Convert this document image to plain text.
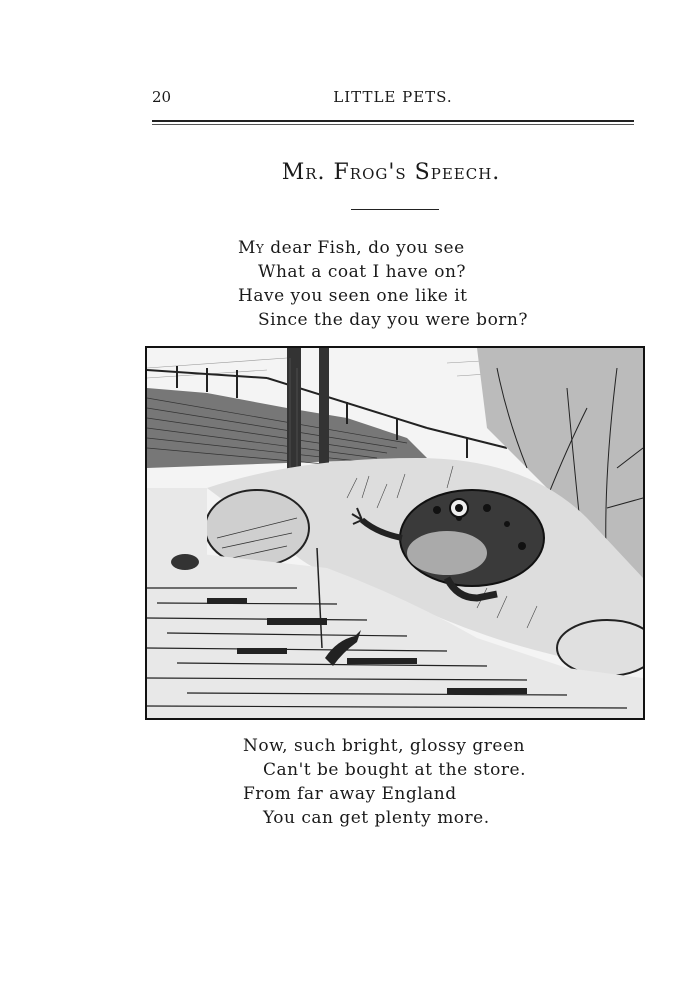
20	LITTLE PETS.
Mr. Frog's Speech.
My dear Fish, do you see
What a coat I have on?
Have you seen one like it
Since the day you were born?
Now, such bright, glossy green
Can't be bought at the store.
From far away England
You can get plenty more.
